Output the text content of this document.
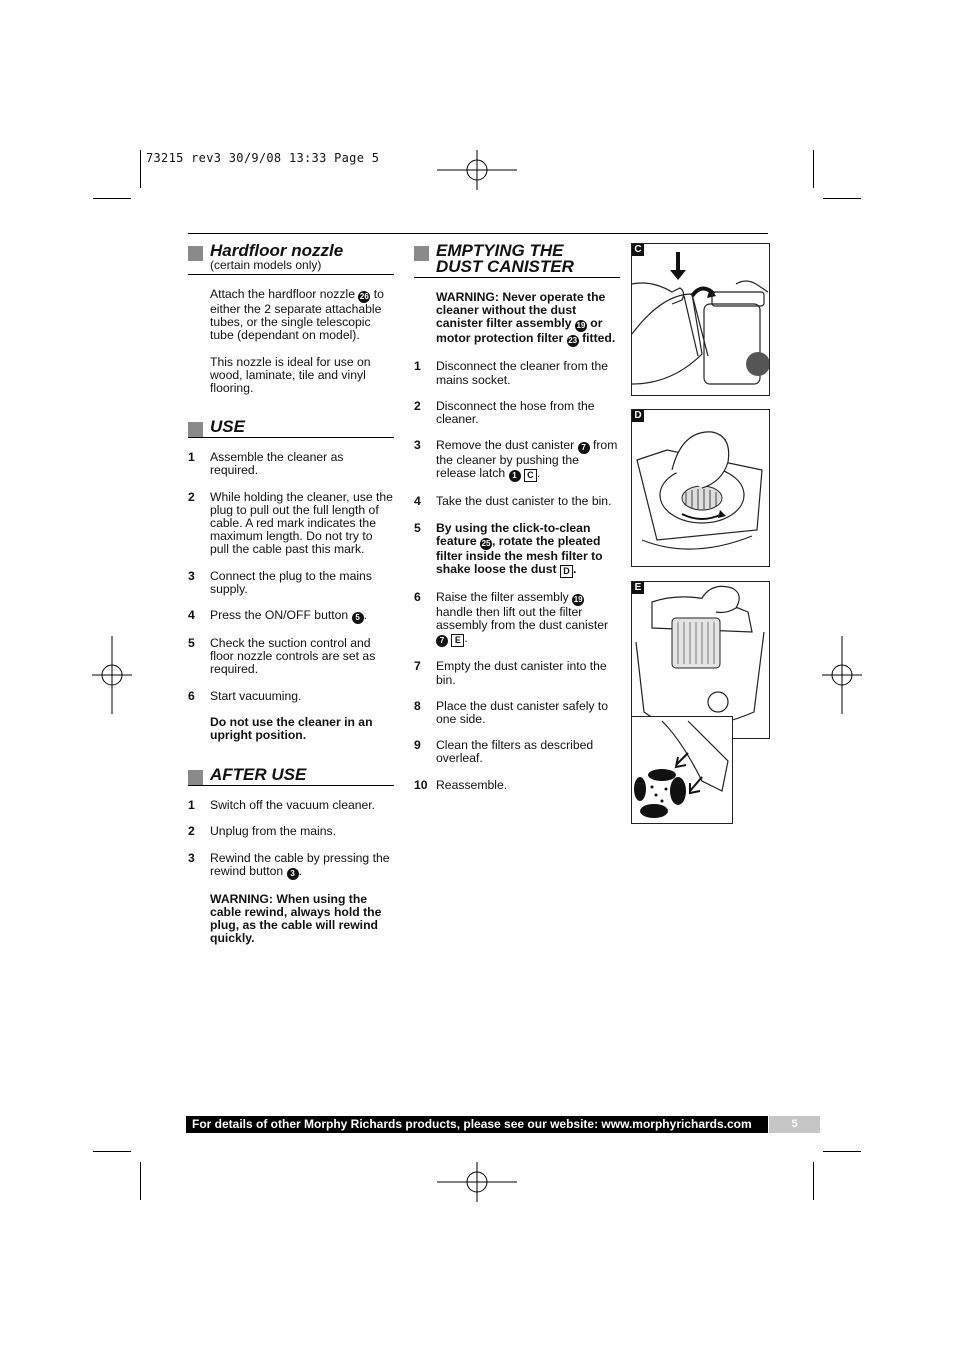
73215 rev3 30/9/08 13:33 Page 5
Hardfloor nozzle
(certain models only)
Attach the hardfloor nozzle 26 to either the 2 separate attachable tubes, or the single telescopic tube (dependant on model).
This nozzle is ideal for use on wood, laminate, tile and vinyl flooring.
USE
1 Assemble the cleaner as required.
2 While holding the cleaner, use the plug to pull out the full length of cable. A red mark indicates the maximum length. Do not try to pull the cable past this mark.
3 Connect the plug to the mains supply.
4 Press the ON/OFF button 5 .
5 Check the suction control and floor nozzle controls are set as required.
6 Start vacuuming.
Do not use the cleaner in an upright position.
AFTER USE
1 Switch off the vacuum cleaner.
2 Unplug from the mains.
3 Rewind the cable by pressing the rewind button 3 .
WARNING: When using the cable rewind, always hold the plug, as the cable will rewind quickly.
EMPTYING THE
DUST CANISTER
WARNING: Never operate the cleaner without the dust canister filter assembly 19 or motor protection filter 23 fitted.
1 Disconnect the cleaner from the mains socket.
2 Disconnect the hose from the cleaner.
3 Remove the dust canister 7 from the cleaner by pushing the release latch 1 C .
4 Take the dust canister to the bin.
5 By using the click-to-clean feature 25 , rotate the pleated filter inside the mesh filter to shake loose the dust D .
6 Raise the filter assembly 19 handle then lift out the filter assembly from the dust canister 7 E .
7 Empty the dust canister into the bin.
8 Place the dust canister safely to one side.
9 Clean the filters as described overleaf.
10 Reassemble.
C
D
E
For details of other Morphy Richards products, please see our website: www.morphyrichards.com	5
